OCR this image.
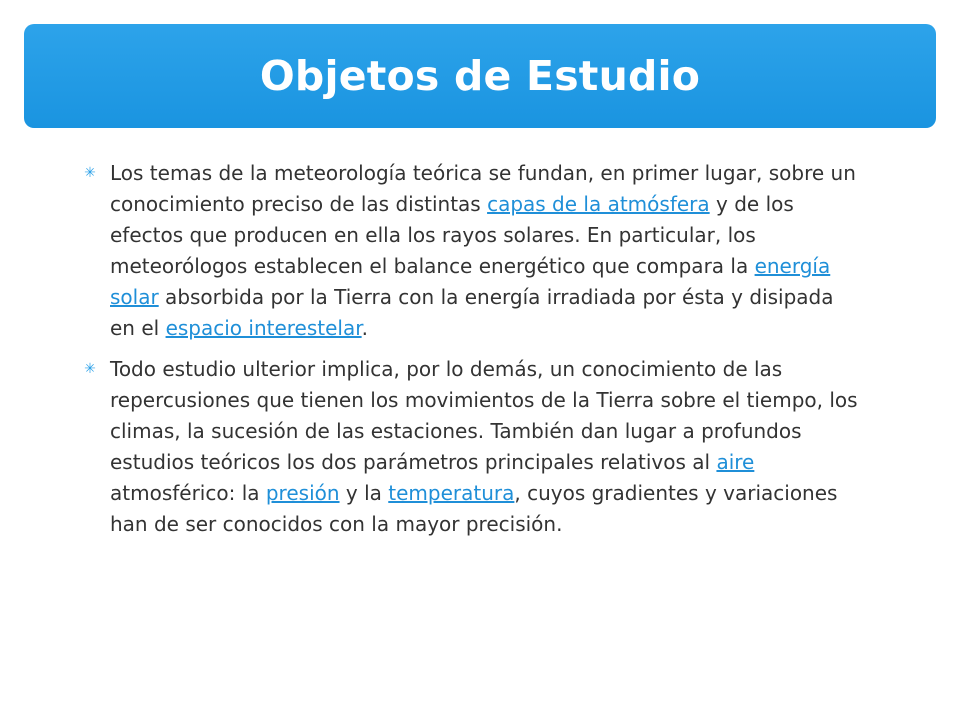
Objetos de Estudio
✳ Los temas de la meteorología teórica se fundan, en primer lugar, sobre un conocimiento preciso de las distintas capas de la atmósfera y de los efectos que producen en ella los rayos solares. En particular, los meteorólogos establecen el balance energético que compara la energía solar absorbida por la Tierra con la energía irradiada por ésta y disipada en el espacio interestelar.
✳ Todo estudio ulterior implica, por lo demás, un conocimiento de las repercusiones que tienen los movimientos de la Tierra sobre el tiempo, los climas, la sucesión de las estaciones. También dan lugar a profundos estudios teóricos los dos parámetros principales relativos al aire atmosférico: la presión y la temperatura, cuyos gradientes y variaciones han de ser conocidos con la mayor precisión.
